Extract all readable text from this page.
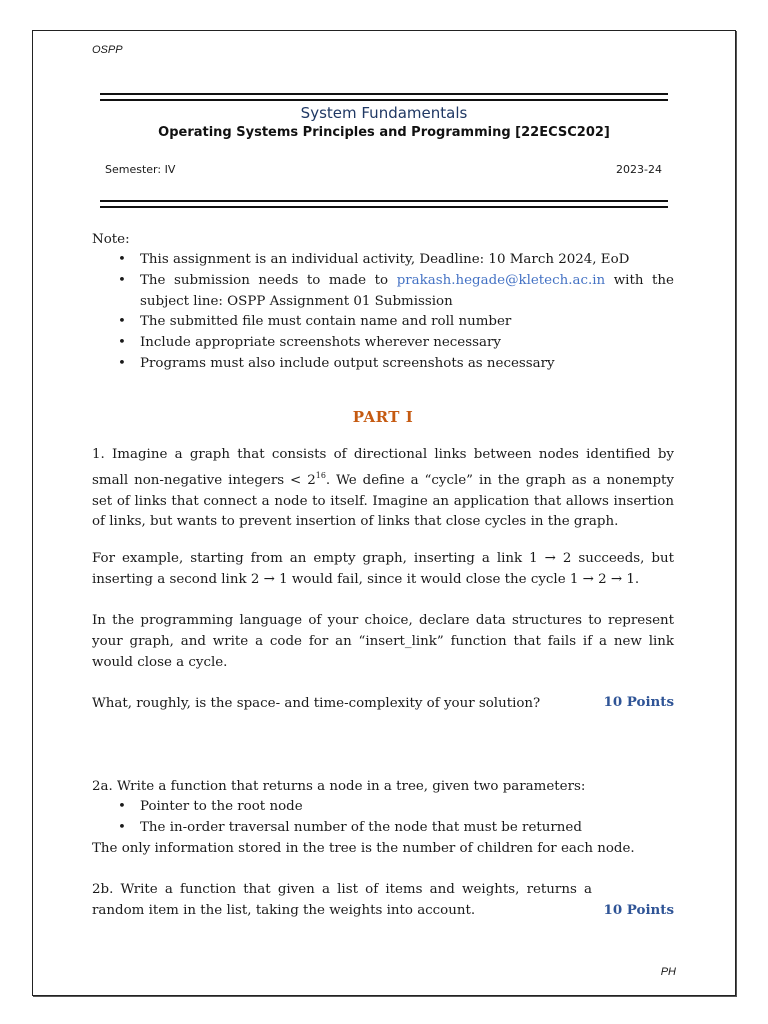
OSPP
System Fundamentals
Operating Systems Principles and Programming [22ECSC202]
Semester: IV	2023-24
Note:
• This assignment is an individual activity, Deadline: 10 March 2024, EoD
• The submission needs to made to prakash.hegade@kletech.ac.in with the subject line: OSPP Assignment 01 Submission
• The submitted file must contain name and roll number
• Include appropriate screenshots wherever necessary
• Programs must also include output screenshots as necessary
PART I

1. Imagine a graph that consists of directional links between nodes identified by small non-negative integers < $2^{16}$. We define a “cycle” in the graph as a nonempty set of links that connect a node to itself. Imagine an application that allows insertion of links, but wants to prevent insertion of links that close cycles in the graph.

For example, starting from an empty graph, inserting a link 1 → 2 succeeds, but inserting a second link 2 → 1 would fail, since it would close the cycle 1 → 2 → 1.

In the programming language of your choice, declare data structures to represent your graph, and write a code for an “insert_link” function that fails if a new link would close a cycle.

What, roughly, is the space- and time-complexity of your solution?	10 Points

2a. Write a function that returns a node in a tree, given two parameters:

• Pointer to the root node
• The in-order traversal number of the node that must be returned

The only information stored in the tree is the number of children for each node.

2b. Write a function that given a list of items and weights, returns a random item in the list, taking the weights into account.	10 Points
PH
